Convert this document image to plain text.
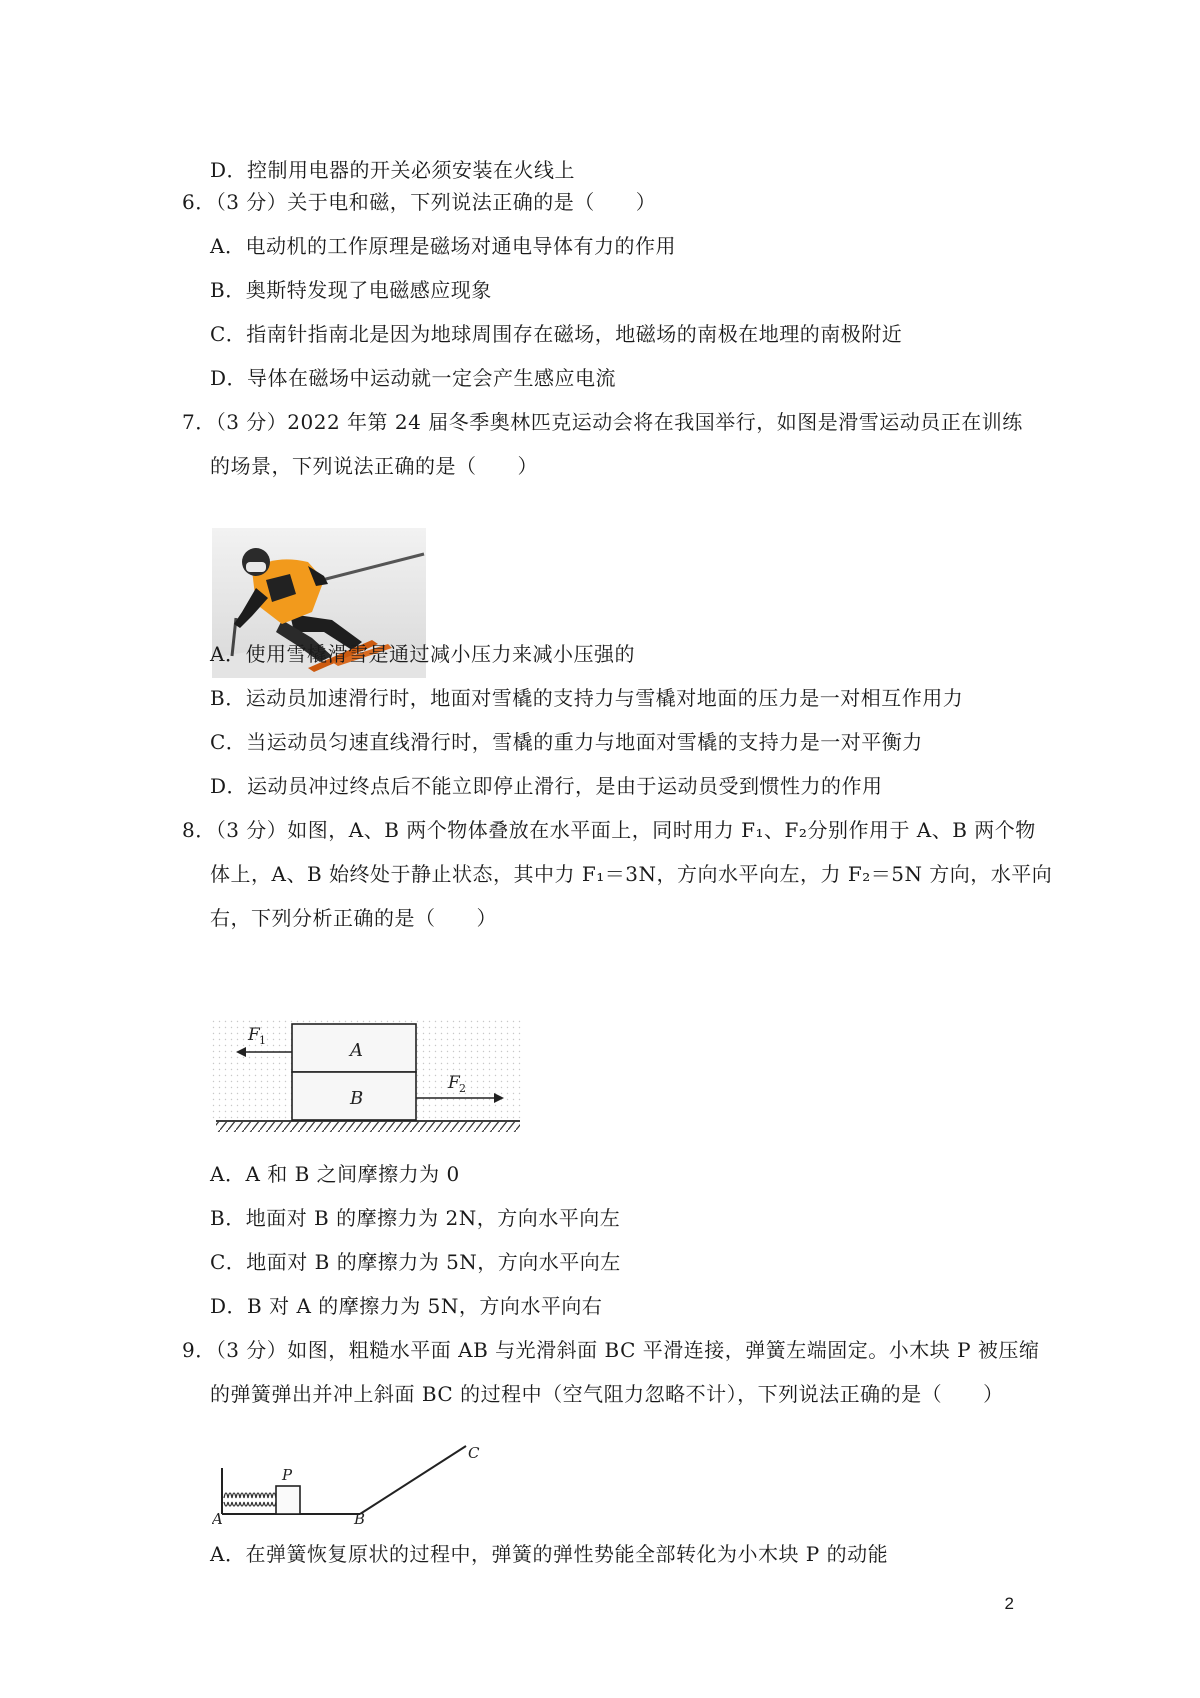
D．控制用电器的开关必须安装在火线上
6．（3 分）关于电和磁，下列说法正确的是（　　）
A．电动机的工作原理是磁场对通电导体有力的作用
B．奥斯特发现了电磁感应现象
C．指南针指南北是因为地球周围存在磁场，地磁场的南极在地理的南极附近
D．导体在磁场中运动就一定会产生感应电流
7．（3 分）2022 年第 24 届冬季奥林匹克运动会将在我国举行，如图是滑雪运动员正在训练
的场景，下列说法正确的是（　　）
A．使用雪橇滑雪是通过减小压力来减小压强的
B．运动员加速滑行时，地面对雪橇的支持力与雪橇对地面的压力是一对相互作用力
C．当运动员匀速直线滑行时，雪橇的重力与地面对雪橇的支持力是一对平衡力
D．运动员冲过终点后不能立即停止滑行，是由于运动员受到惯性力的作用
8．（3 分）如图，A、B 两个物体叠放在水平面上，同时用力 F₁、F₂分别作用于 A、B 两个物
体上，A、B 始终处于静止状态，其中力 F₁＝3N，方向水平向左，力 F₂＝5N 方向，水平向
右，下列分析正确的是（　　）
A
B
F 1
F 2
A．A 和 B 之间摩擦力为 0
B．地面对 B 的摩擦力为 2N，方向水平向左
C．地面对 B 的摩擦力为 5N，方向水平向左
D．B 对 A 的摩擦力为 5N，方向水平向右
9．（3 分）如图，粗糙水平面 AB 与光滑斜面 BC 平滑连接，弹簧左端固定。小木块 P 被压缩
的弹簧弹出并冲上斜面 BC 的过程中（空气阻力忽略不计），下列说法正确的是（　　）
A	B
C
P
A．在弹簧恢复原状的过程中，弹簧的弹性势能全部转化为小木块 P 的动能
2
